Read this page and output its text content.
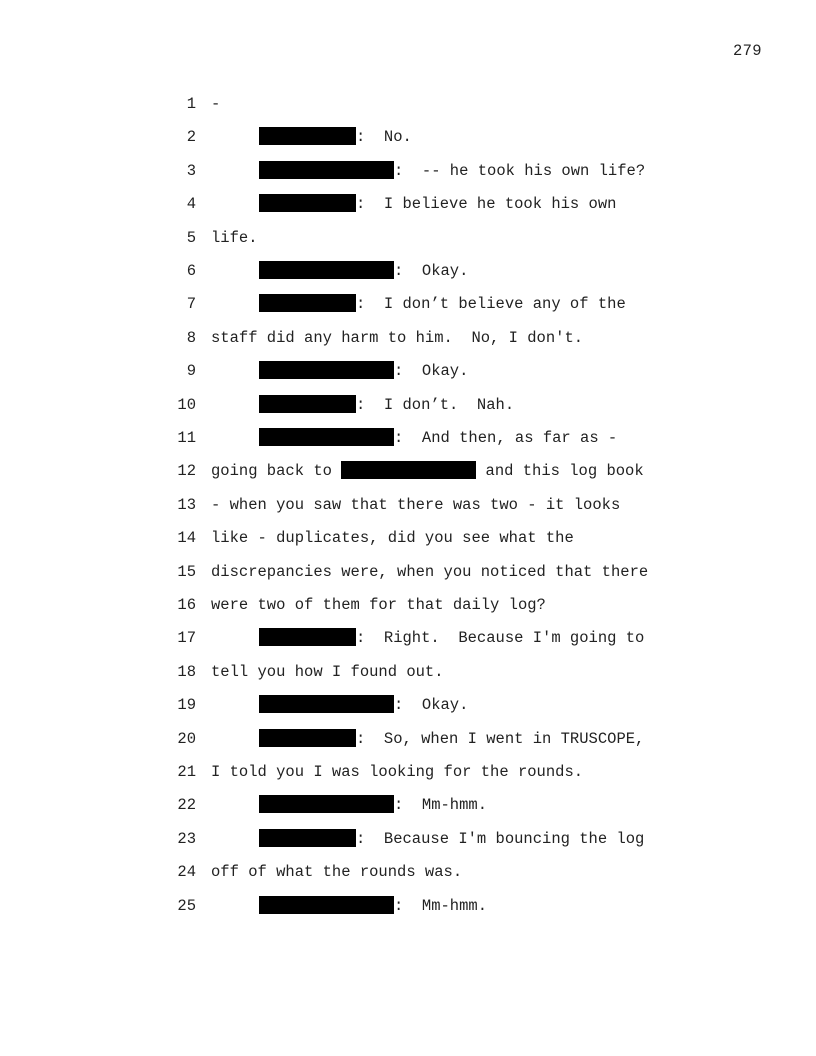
279
1 -
2	:  No.
3	:  -- he took his own life?
4	:  I believe he took his own
5 life.
6	:  Okay.
7	:  I don’t believe any of the
8 staff did any harm to him.  No, I don't.
9	:  Okay.
10	:  I don’t.  Nah.
11	:  And then, as far as -
12 going back to	and this log book
13 - when you saw that there was two - it looks
14 like - duplicates, did you see what the
15 discrepancies were, when you noticed that there
16 were two of them for that daily log?
17	:  Right.  Because I'm going to
18 tell you how I found out.
19	:  Okay.
20	:  So, when I went in TRUSCOPE,
21 I told you I was looking for the rounds.
22	:  Mm-hmm.
23	:  Because I'm bouncing the log
24 off of what the rounds was.
25	:  Mm-hmm.
